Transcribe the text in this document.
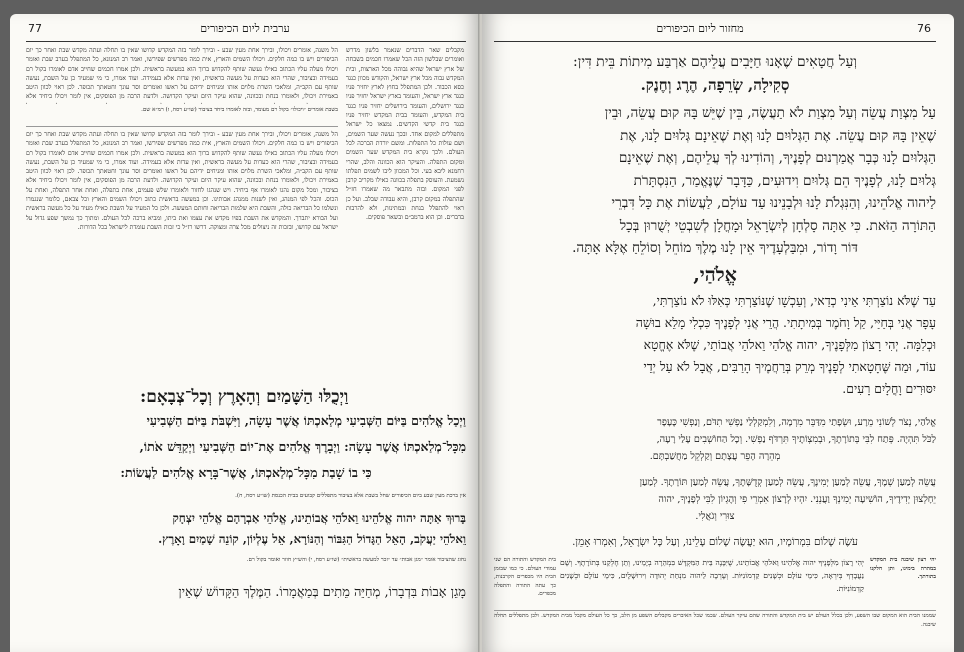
77	ערבית ליום הכיפורים
הל משנה, אומרים ויכולו, ובירך אחת מעין שבע - ובירך לומר בזה המקדש קדושו שאין בו תחלה ועתה מקדש שבת ואחר כך יום הכיפורים ויש בו כמה חלקים. ויכולו השמים והארץ, אית כמה מפרשים שפירשו, ואמר רב המנונא, כל המתפלל בערב שבת ואומר ויכולו מעלה עליו הכתוב כאילו נעשה שותף להקדוש ברוך הוא במעשה בראשית. ולכן אמרו חכמים שחייב אדם לאומרו בקול רם בעמידה ובציבור, שהרי הוא כעדות על מעשה בראשית, ואין עדות אלא בעמידה. ועוד אמרו, כי מי שמעיד כן על השבת, נעשה שותף עם הקב״ה, ומלאכי השרת מלוים אותו ומניחים ידיהם על ראשו ואומרים וסר עונך וחטאתך תכופר. לכן ראוי לכוון היטב באמירת ויכולו, ולאומרו בנחת ובכוונה, שהוא עיקר היום ועיקר הקדושה. ולדעת הרבה מן הפוסקים, אין לומר ויכולו ביחיד אלא
בשבת אומרים ״ויכולו״ בקול רם מעומד, ובזה לאומרו ביחד בציבור (שו״ע רסח, ז) רמ״א שם.
הל משנה, אומרים ויכולו, ובירך אחת מעין שבע - ובירך לומר בזה המקדש קדושו שאין בו תחלה ועתה מקדש שבת ואחר כך יום הכיפורים ויש בו כמה חלקים. ויכולו השמים והארץ, אית כמה מפרשים שפירשו, ואמר רב המנונא, כל המתפלל בערב שבת ואומר ויכולו מעלה עליו הכתוב כאילו נעשה שותף להקדוש ברוך הוא במעשה בראשית. ולכן אמרו חכמים שחייב אדם לאומרו בקול רם בעמידה ובציבור, שהרי הוא כעדות על מעשה בראשית, ואין עדות אלא בעמידה. ועוד אמרו, כי מי שמעיד כן על השבת, נעשה שותף עם הקב״ה, ומלאכי השרת מלוים אותו ומניחים ידיהם על ראשו ואומרים וסר עונך וחטאתך תכופר. לכן ראוי לכוון היטב באמירת ויכולו, ולאומרו בנחת ובכוונה, שהוא עיקר היום ועיקר הקדושה. ולדעת הרבה מן הפוסקים, אין לומר ויכולו ביחיד אלא בציבור, ומכל מקום נהגו לאומרו אף ביחיד. ויש שנהגו לחזור ולאומרו שלש פעמים, אחת בתפלה, ואחת אחר התפלה, ואחת על הכוס. והכל לפי המנהג, ואין לשנות ממנהג אבותינו. וכן במעשה בראשית כתוב ויכולו השמים והארץ וכל צבאם, כלומר שנגמרו ונשלמו כל הבריאה כולה, והשבת היא שלמות הבריאה וחותם המעשה. ולכן כל המעיד על השבת כאילו מעיד על כל מעשה בראשית ועל הבורא יתברך. והמקדש את השבת בפיו מקדש את עצמו ואת ביתו, ומביא ברכה לכל העולם. ומתוך כך נמשך שפע גדול על ישראל עם קדושו, ובזכות זה ניצולים מכל צרה ומצוקה. דרשו רז״ל כי זכות השבת עומדת לישראל בכל הדורות.
מקבלים שאר הדברים שנאמר בלשון מדרש ואומרים שבלשון הזה הכל שאמרו חכמים בשבחה של ארץ ישראל שהיא גבוהה מכל הארצות, ובית המקדש גבוה מכל ארץ ישראל, והקודש מכוון כנגד כסא הכבוד. ולכן המתפלל בחוץ לארץ יחזיר פניו כנגד ארץ ישראל, והעומד בארץ ישראל יחזיר פניו כנגד ירושלים, והעומד בירושלים יחזיר פניו כנגד בית המקדש, והעומד בבית המקדש יחזיר פניו כנגד בית קדשי הקדשים. נמצאו כל ישראל מתפללים למקום אחד. ובכך נעשה שער השמים, ושם עולות כל התפלות. ומשם יורדת הברכה לכל העולם. ולכך נקרא בית המקדש שער השמים ומקום התפלה. והעיקר הוא הכוונה והלב, שהרי רחמנא ליבא בעי. וכל המכוון ליבו לשמים תפלתו נשמעת. והעוסק בתפלה בכוונה כאילו מקריב קרבן לפני המקום. ובזה מתבאר מה שאמרו חז״ל שהתפלה במקום קרבן, והיא עבודה שבלב. ועל כן ראוי להתפלל בנחת ובמתינות, ולא להרבות בדברים. וכן הוא ברמב״ם ובשאר פוסקים.
וַיְכֻלּוּ הַשָּׁמַיִם וְהָאָרֶץ וְכָל־צְבָאָם:
וַיְכַל אֱלֹהִים בַּיּוֹם הַשְּׁבִיעִי מְלַאכְתּוֹ אֲשֶׁר עָשָׂה, וַיִּשְׁבֹּת בַּיּוֹם הַשְּׁבִיעִי
מִכָּל־מְלַאכְתּוֹ אֲשֶׁר עָשָׂה: וַיְבָרֶךְ אֱלֹהִים אֶת־יוֹם הַשְּׁבִיעִי וַיְקַדֵּשׁ אֹתוֹ,
כִּי בוֹ שָׁבַת מִכָּל־מְלַאכְתּוֹ, אֲשֶׁר־בָּרָא אֱלֹהִים לַעֲשׂוֹת:
אין ברכת מעין שבע ביום הכיפורים שחל בשבת אלא בציבור מתפללים קבועים בבית הכנסת (שו״ע רסח, ח).
בָּרוּךְ אַתָּה יהוה אֱלֹהֵינוּ וֵאלֹהֵי אֲבוֹתֵינוּ, אֱלֹהֵי אַבְרָהָם אֱלֹהֵי יִצְחָק
וֵאלֹהֵי יַעֲקֹב, הָאֵל הַגָּדוֹל הַגִּבּוֹר וְהַנּוֹרָא, אֵל עֶלְיוֹן, קוֹנֵה שָׁמַיִם וָאָרֶץ.
נחוג שהציבור אומר ״מגן אבות״ עד ״זכר למעשה בראשית״ (שו״ע רסח, י) והש״ץ חוזר ואומר בקול רם.
מָגֵן אָבוֹת בִּדְבָרוֹ, מְחַיֵּה מֵתִים בְּמַאֲמָרוֹ. הַמֶּלֶךְ הַקָּדוֹשׁ שֶׁאֵין
מחזור ליום הכיפורים	76
וְעַל חֲטָאִים שֶׁאָנוּ חַיָּבִים עֲלֵיהֶם אַרְבַּע מִיתוֹת בֵּית דִּין:
סְקִילָה, שְׂרֵפָה, הֶרֶג וְחֶנֶק.
עַל מִצְוַת עֲשֵׂה וְעַל מִצְוַת לֹא תַעֲשֶׂה, בֵּין שֶׁיֵּשׁ בָּהּ קוּם עֲשֵׂה, וּבֵין
שֶׁאֵין בָּהּ קוּם עֲשֵׂה. אֶת הַגְּלוּיִם לָנוּ וְאֶת שֶׁאֵינָם גְּלוּיִם לָנוּ, אֶת
הַגְּלוּיִם לָנוּ כְּבָר אֲמַרְנוּם לְפָנֶיךָ, וְהוֹדִינוּ לְךָ עֲלֵיהֶם, וְאֶת שֶׁאֵינָם
גְּלוּיִם לָנוּ, לְפָנֶיךָ הֵם גְּלוּיִם וִידוּעִים, כַּדָּבָר שֶׁנֶּאֱמַר, הַנִּסְתָּרֹת
לַיהוה אֱלֹהֵינוּ, וְהַנִּגְלֹת לָנוּ וּלְבָנֵינוּ עַד עוֹלָם, לַעֲשׂוֹת אֶת כָּל דִּבְרֵי
הַתּוֹרָה הַזֹּאת. כִּי אַתָּה סָלְחָן לְיִשְׂרָאֵל וּמָחֳלָן לְשִׁבְטֵי יְשֻׁרוּן בְּכָל
דּוֹר וָדוֹר, וּמִבַּלְעָדֶיךָ אֵין לָנוּ מֶלֶךְ מוֹחֵל וְסוֹלֵחַ אֶלָּא אָתָּה.
אֱלֹהַי,
עַד שֶׁלֹּא נוֹצַרְתִּי אֵינִי כְדַאי, וְעַכְשָׁו שֶׁנּוֹצַרְתִּי כְּאִלּוּ לֹא נוֹצַרְתִּי,
עָפָר אֲנִי בְּחַיַּי, קַל וָחֹמֶר בְּמִיתָתִי. הֲרֵי אֲנִי לְפָנֶיךָ כִּכְלִי מָלֵא בוּשָׁה
וּכְלִמָּה. יְהִי רָצוֹן מִלְּפָנֶיךָ, יהוה אֱלֹהַי וֵאלֹהֵי אֲבוֹתַי, שֶׁלֹּא אֶחֱטָא
עוֹד, וּמַה שֶּׁחָטָאתִי לְפָנֶיךָ מְרֵק בְּרַחֲמֶיךָ הָרַבִּים, אֲבָל לֹא עַל יְדֵי
יִסּוּרִים וָחֳלָיִם רָעִים.
אֱלֹהַי, נְצֹר לְשׁוֹנִי מֵרָע, וּשְׂפָתַי מִדַּבֵּר מִרְמָה, וְלִמְקַלְלַי נַפְשִׁי תִדֹּם, וְנַפְשִׁי כֶּעָפָר
לַכֹּל תִּהְיֶה. פְּתַח לִבִּי בְּתוֹרָתֶךָ, וּבְמִצְוֹתֶיךָ תִּרְדֹּף נַפְשִׁי. וְכָל הַחוֹשְׁבִים עָלַי רָעָה,
מְהֵרָה הָפֵר עֲצָתָם וְקַלְקֵל מַחֲשַׁבְתָּם.
עֲשֵׂה לְמַעַן שְׁמֶךָ, עֲשֵׂה לְמַעַן יְמִינֶךָ, עֲשֵׂה לְמַעַן קְדֻשָּׁתֶךָ, עֲשֵׂה לְמַעַן תּוֹרָתֶךָ. לְמַעַן
יֵחָלְצוּן יְדִידֶיךָ, הוֹשִׁיעָה יְמִינְךָ וַעֲנֵנִי. יִהְיוּ לְרָצוֹן אִמְרֵי פִי וְהֶגְיוֹן לִבִּי לְפָנֶיךָ, יהוה
צוּרִי וְגֹאֲלִי.
עֹשֶׂה שָׁלוֹם בִּמְרוֹמָיו, הוּא יַעֲשֶׂה שָׁלוֹם עָלֵינוּ, וְעַל כָּל יִשְׂרָאֵל, וְאִמְרוּ אָמֵן.
יהי רצון שיבנה בית המקדש במהרה בימינו, ותן חלקנו בתורתך.
יְהִי רָצוֹן מִלְּפָנֶיךָ יהוה אֱלֹהֵינוּ וֵאלֹהֵי אֲבוֹתֵינוּ, שֶׁיִּבָּנֶה בֵּית הַמִּקְדָּשׁ בִּמְהֵרָה בְיָמֵינוּ, וְתֵן חֶלְקֵנוּ בְּתוֹרָתֶךָ. וְשָׁם נַעֲבָדְךָ בְּיִרְאָה, כִּימֵי עוֹלָם וּכְשָׁנִים קַדְמוֹנִיּוֹת. וְעָרְבָה לַיהוה מִנְחַת יְהוּדָה וִירוּשָׁלָיִם, כִּימֵי עוֹלָם וּכְשָׁנִים קַדְמוֹנִיּוֹת.
בית המקדש והתורה הם שני עמודי העולם. כי כמו שבזמן הבית היו מכפרים הקרבנות, כך עתה התורה והתפלה מכפרים.
שממנו הבית הוא המקום שבו השפע, ולכן בכלל העולם יש בית המקדש והתורה שהם עיקר העולם. שכמו שכל האיברים מקבלים השפע מן הלב, כך כל העולם מקבל מבית המקדש. ולכן מתפללים תחלה שיבנה.
